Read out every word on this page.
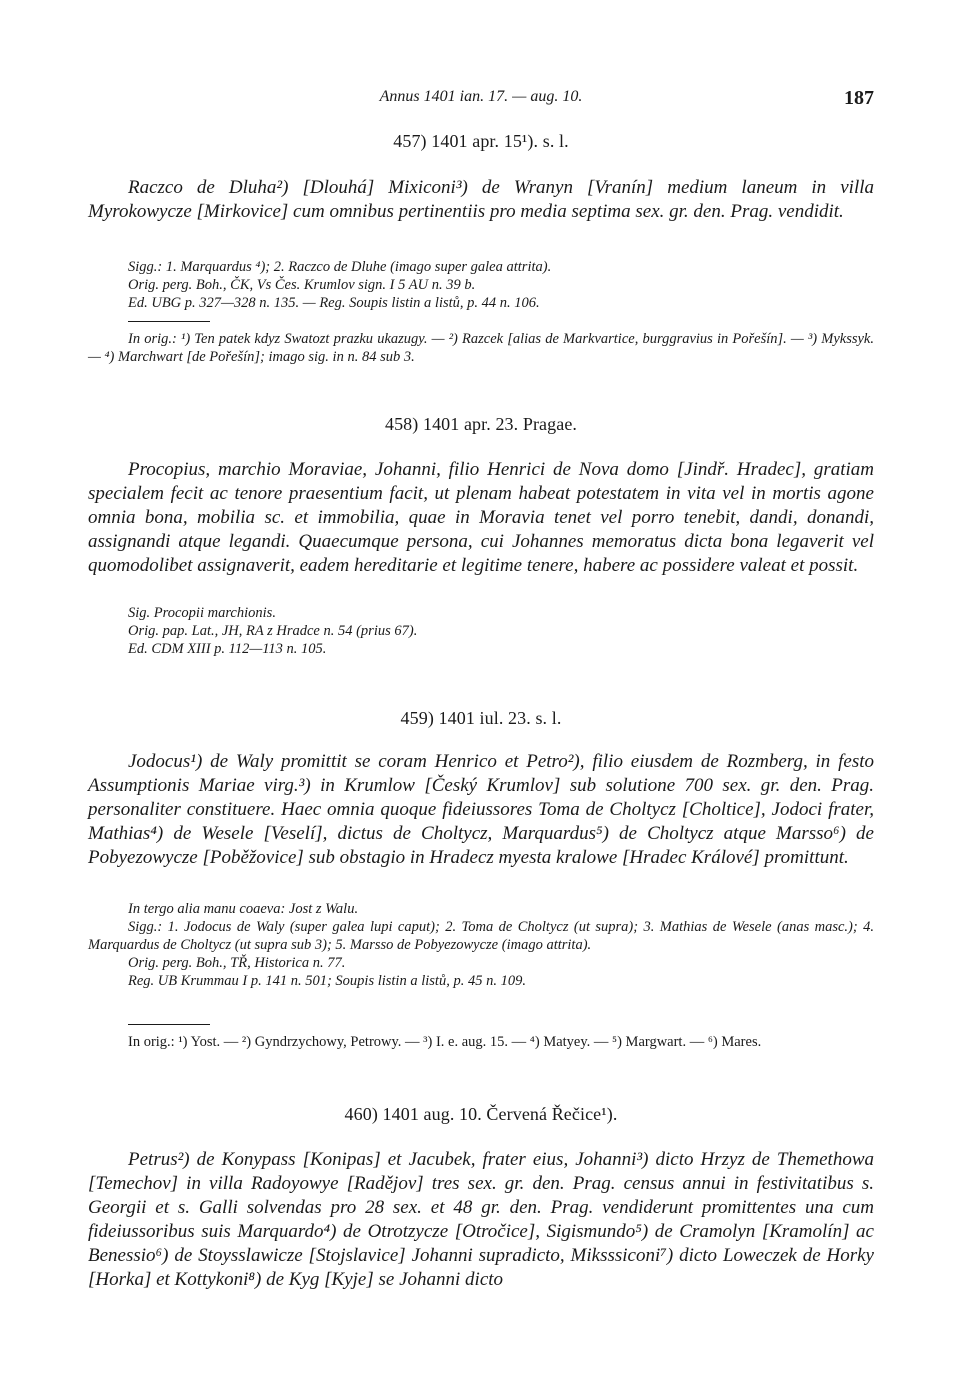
Annus 1401 ian. 17. — aug. 10.	187
457) 1401 apr. 15¹). s. l.

Raczco de Dluha²) [Dlouhá] Mixiconi³) de Wranyn [Vranín] medium laneum in villa Myrokowycze [Mirkovice] cum omnibus pertinentiis pro media septima sex. gr. den. Prag. vendidit.

Sigg.: 1. Marquardus ⁴); 2. Raczco de Dluhe (imago super galea attrita).

Orig. perg. Boh., ČK, Vs Čes. Krumlov sign. I 5 AU n. 39 b.

Ed. UBG p. 327—328 n. 135. — Reg. Soupis listin a listů, p. 44 n. 106.

In orig.: ¹) Ten patek kdyz Swatozt prazku ukazugy. — ²) Razcek [alias de Markvartice, burggravius in Pořešín]. — ³) Mykssyk. — ⁴) Marchwart [de Pořešín]; imago sig. in n. 84 sub 3.

458) 1401 apr. 23. Pragae.

Procopius, marchio Moraviae, Johanni, filio Henrici de Nova domo [Jindř. Hradec], gratiam specialem fecit ac tenore praesentium facit, ut plenam habeat potestatem in vita vel in mortis agone omnia bona, mobilia sc. et immobilia, quae in Moravia tenet vel porro tenebit, dandi, donandi, assignandi atque legandi. Quaecumque persona, cui Johannes memoratus dicta bona legaverit vel quomodolibet assignaverit, eadem hereditarie et legitime tenere, habere ac possidere valeat et possit.

Sig. Procopii marchionis.

Orig. pap. Lat., JH, RA z Hradce n. 54 (prius 67).

Ed. CDM XIII p. 112—113 n. 105.

459) 1401 iul. 23. s. l.

Jodocus¹) de Waly promittit se coram Henrico et Petro²), filio eiusdem de Rozmberg, in festo Assumptionis Mariae virg.³) in Krumlow [Český Krumlov] sub solutione 700 sex. gr. den. Prag. personaliter constituere. Haec omnia quoque fideiussores Toma de Choltycz [Choltice], Jodoci frater, Mathias⁴) de Wesele [Veselí], dictus de Choltycz, Marquardus⁵) de Choltycz atque Marsso⁶) de Pobyezowycze [Poběžovice] sub obstagio in Hradecz myesta kralowe [Hradec Králové] promittunt.

In tergo alia manu coaeva: Jost z Walu.

Sigg.: 1. Jodocus de Waly (super galea lupi caput); 2. Toma de Choltycz (ut supra); 3. Mathias de Wesele (anas masc.); 4. Marquardus de Choltycz (ut supra sub 3); 5. Marsso de Pobyezowycze (imago attrita).

Orig. perg. Boh., TŘ, Historica n. 77.

Reg. UB Krummau I p. 141 n. 501; Soupis listin a listů, p. 45 n. 109.

In orig.: ¹) Yost. — ²) Gyndrzychowy, Petrowy. — ³) I. e. aug. 15. — ⁴) Matyey. — ⁵) Margwart. — ⁶) Mares.

460) 1401 aug. 10. Červená Řečice¹).

Petrus²) de Konypass [Konipas] et Jacubek, frater eius, Johanni³) dicto Hrzyz de Themethowa [Temechov] in villa Radoyowye [Radějov] tres sex. gr. den. Prag. census annui in festivitatibus s. Georgii et s. Galli solvendas pro 28 sex. et 48 gr. den. Prag. vendiderunt promittentes una cum fideiussoribus suis Marquardo⁴) de Otrotzycze [Otročice], Sigismundo⁵) de Cramolyn [Kramolín] ac Benessio⁶) de Stoysslawicze [Stojslavice] Johanni supradicto, Miksssiconi⁷) dicto Loweczek de Horky [Horka] et Kottykoni⁸) de Kyg [Kyje] se Johanni dicto
